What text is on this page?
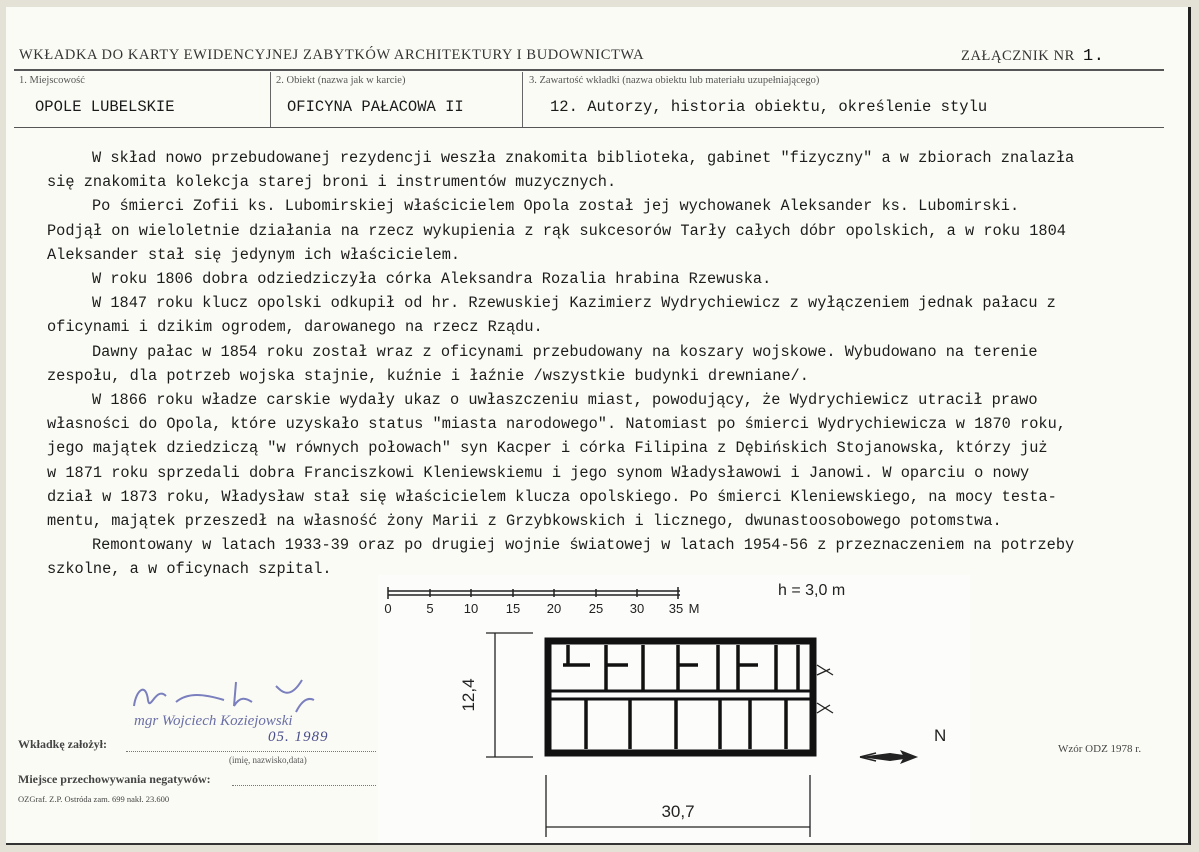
WKŁADKA DO KARTY EWIDENCYJNEJ ZABYTKÓW ARCHITEKTURY I BUDOWNICTWA	ZAŁĄCZNIK NR 1.
1. Miejscowość
OPOLE LUBELSKIE
2. Obiekt (nazwa jak w karcie)
OFICYNA PAŁACOWA II
3. Zawartość wkładki (nazwa obiektu lub materiału uzupełniającego)
12. Autorzy, historia obiektu, określenie stylu

W skład nowo przebudowanej rezydencji weszła znakomita biblioteka, gabinet "fizyczny" a w zbiorach znalazła

się znakomita kolekcja starej broni i instrumentów muzycznych.

Po śmierci Zofii ks. Lubomirskiej właścicielem Opola został jej wychowanek Aleksander ks. Lubomirski.

Podjął on wieloletnie działania na rzecz wykupienia z rąk sukcesorów Tarły całych dóbr opolskich, a w roku 1804

Aleksander stał się jedynym ich właścicielem.

W roku 1806 dobra odziedziczyła córka Aleksandra Rozalia hrabina Rzewuska.

W 1847 roku klucz opolski odkupił od hr. Rzewuskiej Kazimierz Wydrychiewicz z wyłączeniem jednak pałacu z

oficynami i dzikim ogrodem, darowanego na rzecz Rządu.

Dawny pałac w 1854 roku został wraz z oficynami przebudowany na koszary wojskowe. Wybudowano na terenie

zespołu, dla potrzeb wojska stajnie, kuźnie i łaźnie /wszystkie budynki drewniane/.

W 1866 roku władze carskie wydały ukaz o uwłaszczeniu miast, powodujący, że Wydrychiewicz utracił prawo

własności do Opola, które uzyskało status "miasta narodowego". Natomiast po śmierci Wydrychiewicza w 1870 roku,

jego majątek dziedziczą "w równych połowach" syn Kacper i córka Filipina z Dębińskich Stojanowska, którzy już

w 1871 roku sprzedali dobra Franciszkowi Kleniewskiemu i jego synom Władysławowi i Janowi. W oparciu o nowy

dział w 1873 roku, Władysław stał się właścicielem klucza opolskiego. Po śmierci Kleniewskiego, na mocy testa-

mentu, majątek przeszedł na własność żony Marii z Grzybkowskich i licznego, dwunastoosobowego potomstwa.

Remontowany w latach 1933-39 oraz po drugiej wojnie światowej w latach 1954-56 z przeznaczeniem na potrzeby

szkolne, a w oficynach szpital.

0	5 10 15 20 25 30 35 M
h = 3,0 m
12,4
30,7
N
mgr Wojciech Koziejowski
05. 1989
Wkładkę założył:
(imię, nazwisko,data)
Miejsce przechowywania negatywów:
OZGraf. Z.P. Ostróda zam. 699 nakł. 23.600
Wzór ODZ 1978 r.
